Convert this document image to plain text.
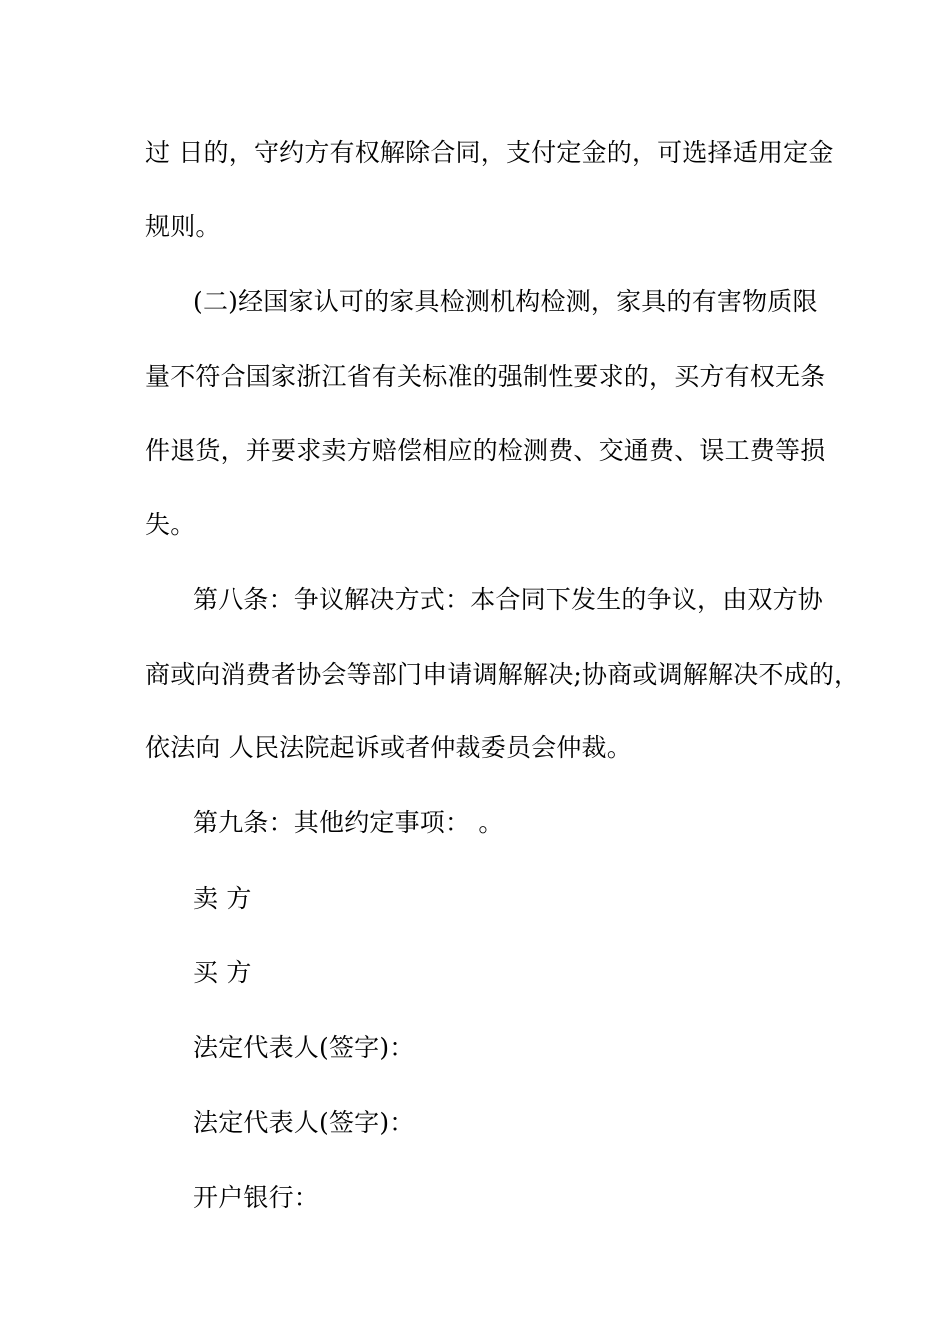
过 日的，守约方有权解除合同，支付定金的，可选择适用定金
规则。
(二)经国家认可的家具检测机构检测，家具的有害物质限
量不符合国家浙江省有关标准的强制性要求的，买方有权无条
件退货，并要求卖方赔偿相应的检测费、交通费、误工费等损
失。
第八条：争议解决方式：本合同下发生的争议，由双方协
商或向消费者协会等部门申请调解解决;协商或调解解决不成的，
依法向 人民法院起诉或者仲裁委员会仲裁。
第九条：其他约定事项： 。
卖 方
买 方
法定代表人(签字)：
法定代表人(签字)：
开户银行：
